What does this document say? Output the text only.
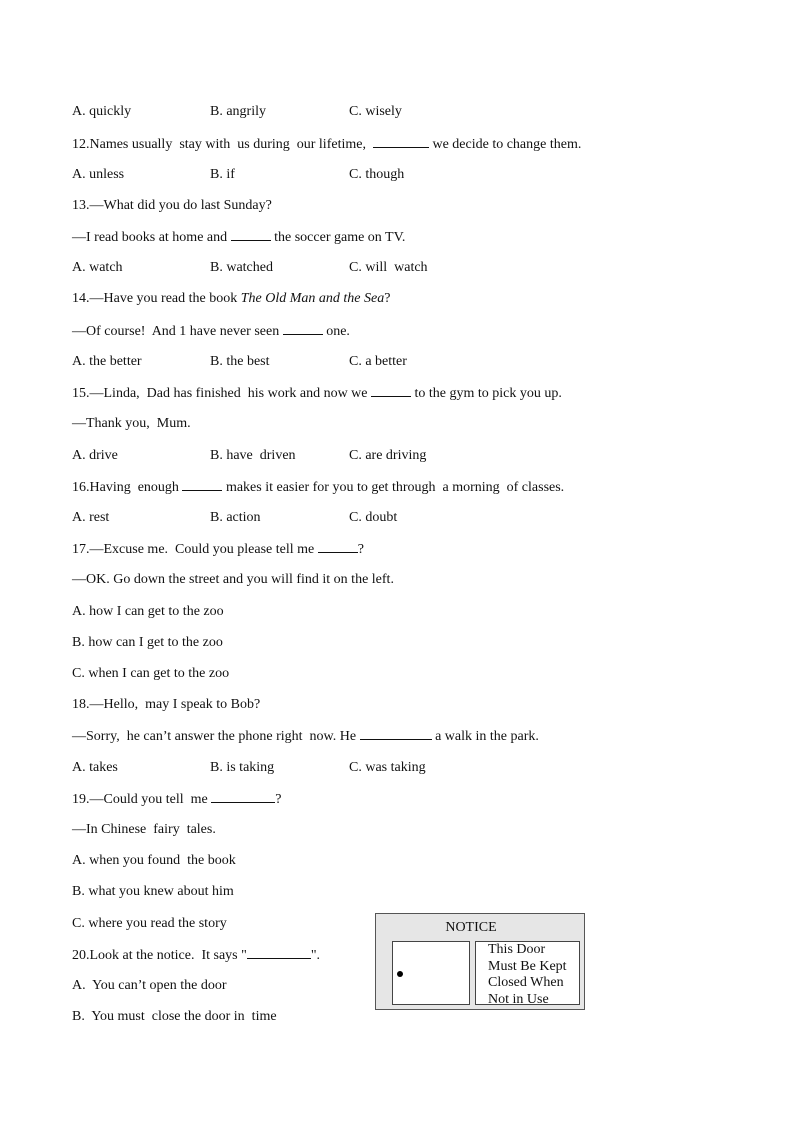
A. quickly	B. angrily	C. wisely
12.Names usually  stay with  us during  our lifetime,	we decide to change them.
A. unless	B. if	C. though
13.—What did you do last Sunday?
—I read books at home and	the soccer game on TV.
A. watch	B. watched	C. will  watch
14.—Have you read the book The Old Man and the Sea?
—Of course!  And 1 have never seen	one.
A. the better	B. the best	C. a better
15.—Linda,  Dad has finished  his work and now we	to the gym to pick you up.
—Thank you,  Mum.
A. drive	B. have  driven	C. are driving
16.Having  enough	makes it easier for you to get through  a morning  of classes.
A. rest	B. action	C. doubt
17.—Excuse me.  Could you please tell me	?
—OK. Go down the street and you will find it on the left.
A. how I can get to the zoo
B. how can I get to the zoo
C. when I can get to the zoo
18.—Hello,  may I speak to Bob?
—Sorry,  he can’t answer the phone right  now. He	a walk in the park.
A. takes	B. is taking	C. was taking
19.—Could you tell  me	?
—In Chinese  fairy  tales.
A. when you found  the book
B. what you knew about him
C. where you read the story
20.Look at the notice.  It says "	".
A.  You can’t open the door
B.  You must  close the door in  time
NOTICE
This Door
Must Be Kept
Closed When
Not in Use
